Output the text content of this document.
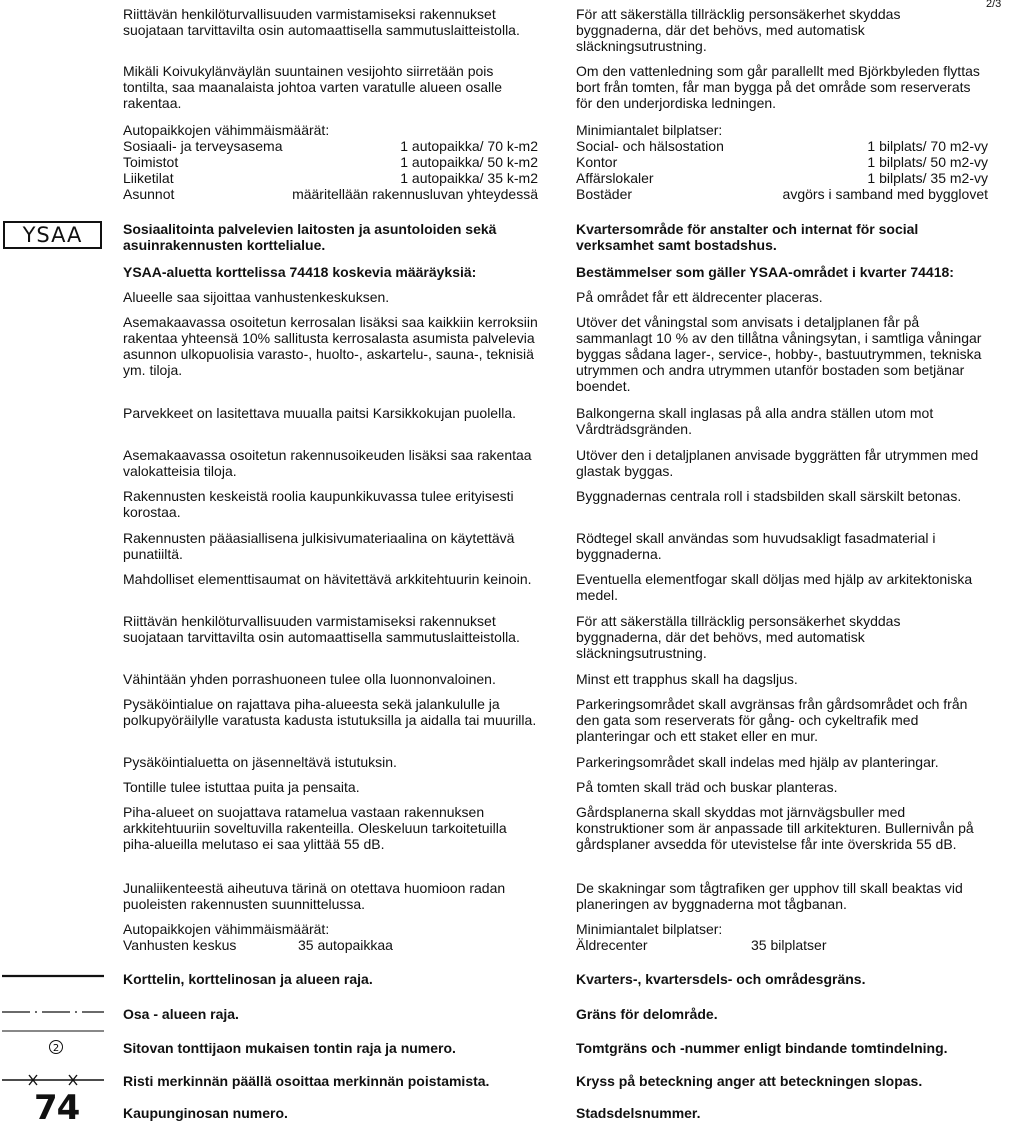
2/3
YSAA
2
74
Riittävän henkilöturvallisuuden varmistamiseksi rakennukset suojataan tarvittavilta osin automaattisella sammutuslaitteistolla.
För att säkerställa tillräcklig personsäkerhet skyddas byggnaderna, där det behövs, med automatisk släckningsutrustning.
Mikäli Koivukylänväylän suuntainen vesijohto siirretään pois tontilta, saa maanalaista johtoa varten varatulle alueen osalle rakentaa.
Om den vattenledning som går parallellt med Björkbyleden flyttas bort från tomten, får man bygga på det område som reserverats för den underjordiska ledningen.
Autopaikkojen vähimmäismäärät:	Minimiantalet bilplatser:
Sosiaali- ja terveysasema	1 autopaikka/ 70 k-m2	Social- och hälsostation	1 bilplats/ 70 m2-vy
Toimistot	1 autopaikka/ 50 k-m2	Kontor	1 bilplats/ 50 m2-vy
Liiketilat	1 autopaikka/ 35 k-m2	Affärslokaler	1 bilplats/ 35 m2-vy
Asunnot	määritellään rakennusluvan yhteydessä	Bostäder	avgörs i samband med bygglovet
Sosiaalitointa palvelevien laitosten ja asuntoloiden sekä asuinrakennusten korttelialue.
Kvartersområde för anstalter och internat för social verksamhet samt bostadshus.
YSAA-aluetta korttelissa 74418 koskevia määräyksiä:	Bestämmelser som gäller YSAA-området i kvarter 74418:
Alueelle saa sijoittaa vanhustenkeskuksen.	På området får ett äldrecenter placeras.
Asemakaavassa osoitetun kerrosalan lisäksi saa kaikkiin kerroksiin rakentaa yhteensä 10% sallitusta kerrosalasta asumista palvelevia asunnon ulkopuolisia varasto-, huolto-, askartelu-, sauna-, teknisiä ym. tiloja.
Utöver det våningstal som anvisats i detaljplanen får på sammanlagt 10 % av den tillåtna våningsytan, i samtliga våningar byggas sådana lager-, service-, hobby-, bastuutrymmen, tekniska utrymmen och andra utrymmen utanför bostaden som betjänar boendet.
Parvekkeet on lasitettava muualla paitsi Karsikkokujan puolella.	Balkongerna skall inglasas på alla andra ställen utom mot Vårdträdsgränden.
Asemakaavassa osoitetun rakennusoikeuden lisäksi saa rakentaa valokatteisia tiloja.
Utöver den i detaljplanen anvisade byggrätten får utrymmen med glastak byggas.
Rakennusten keskeistä roolia kaupunkikuvassa tulee erityisesti korostaa.
Byggnadernas centrala roll i stadsbilden skall särskilt betonas.
Rakennusten pääasiallisena julkisivumateriaalina on käytettävä punatiiltä.
Rödtegel skall användas som huvudsakligt fasadmaterial i byggnaderna.
Mahdolliset elementtisaumat on hävitettävä arkkitehtuurin keinoin.	Eventuella elementfogar skall döljas med hjälp av arkitektoniska medel.
Riittävän henkilöturvallisuuden varmistamiseksi rakennukset suojataan tarvittavilta osin automaattisella sammutuslaitteistolla.
För att säkerställa tillräcklig personsäkerhet skyddas byggnaderna, där det behövs, med automatisk släckningsutrustning.
Vähintään yhden porrashuoneen tulee olla luonnonvaloinen.	Minst ett trapphus skall ha dagsljus.
Pysäköintialue on rajattava piha-alueesta sekä jalankululle ja polkupyöräilylle varatusta kadusta istutuksilla ja aidalla tai muurilla.
Parkeringsområdet skall avgränsas från gårdsområdet och från den gata som reserverats för gång- och cykeltrafik med planteringar och ett staket eller en mur.
Pysäköintialuetta on jäsenneltävä istutuksin.	Parkeringsområdet skall indelas med hjälp av planteringar.
Tontille tulee istuttaa puita ja pensaita.	På tomten skall träd och buskar planteras.
Piha-alueet on suojattava ratamelua vastaan rakennuksen arkkitehtuuriin soveltuvilla rakenteilla. Oleskeluun tarkoitetuilla piha-alueilla melutaso ei saa ylittää 55 dB.
Gårdsplanerna skall skyddas mot järnvägsbuller med konstruktioner som är anpassade till arkitekturen. Bullernivån på gårdsplaner avsedda för utevistelse får inte överskrida 55 dB.
Junaliikenteestä aiheutuva tärinä on otettava huomioon radan puoleisten rakennusten suunnittelussa.
De skakningar som tågtrafiken ger upphov till skall beaktas vid planeringen av byggnaderna mot tågbanan.
Autopaikkojen vähimmäismäärät:	Minimiantalet bilplatser:
Vanhusten keskus	35 autopaikkaa	Äldrecenter	35 bilplatser
Korttelin, korttelinosan ja alueen raja.	Kvarters-, kvartersdels- och områdesgräns.
Osa - alueen raja.	Gräns för delområde.
Sitovan tonttijaon mukaisen tontin raja ja numero.	Tomtgräns och -nummer enligt bindande tomtindelning.
Risti merkinnän päällä osoittaa merkinnän poistamista.	Kryss på beteckning anger att beteckningen slopas.
Kaupunginosan numero.	Stadsdelsnummer.
